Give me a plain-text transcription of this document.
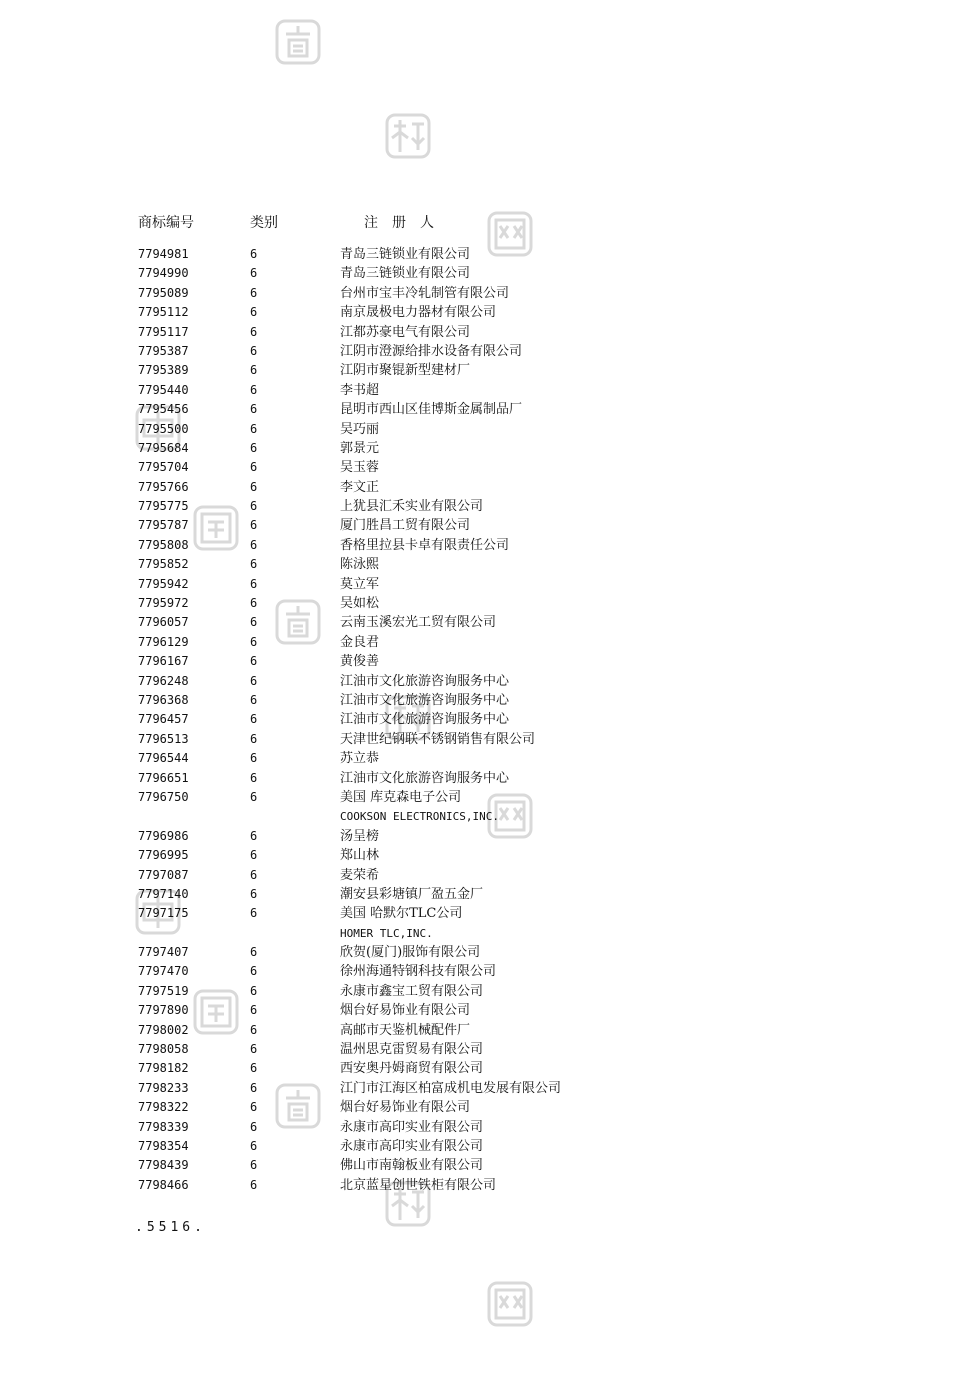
商标编号	类别	注册人
7794981	6	青岛三链锁业有限公司
7794990	6	青岛三链锁业有限公司
7795089	6	台州市宝丰冷轧制管有限公司
7795112	6	南京晟极电力器材有限公司
7795117	6	江都苏豪电气有限公司
7795387	6	江阴市澄源给排水设备有限公司
7795389	6	江阴市聚锟新型建材厂
7795440	6	李书超
7795456	6	昆明市西山区佳博斯金属制品厂
7795500	6	吴巧丽
7795684	6	郭景元
7795704	6	吴玉蓉
7795766	6	李文正
7795775	6	上犹县汇禾实业有限公司
7795787	6	厦门胜昌工贸有限公司
7795808	6	香格里拉县卡卓有限责任公司
7795852	6	陈泳熙
7795942	6	莫立军
7795972	6	吴如松
7796057	6	云南玉溪宏光工贸有限公司
7796129	6	金良君
7796167	6	黄俊善
7796248	6	江油市文化旅游咨询服务中心
7796368	6	江油市文化旅游咨询服务中心
7796457	6	江油市文化旅游咨询服务中心
7796513	6	天津世纪钢联不锈钢销售有限公司
7796544	6	苏立恭
7796651	6	江油市文化旅游咨询服务中心
7796750	6	美国 库克森电子公司
COOKSON ELECTRONICS,INC.
7796986	6	汤呈榜
7796995	6	郑山林
7797087	6	麦荣希
7797140	6	潮安县彩塘镇厂盈五金厂
7797175	6	美国 哈默尔TLC公司
HOMER TLC,INC.
7797407	6	欣贺(厦门)服饰有限公司
7797470	6	徐州海通特钢科技有限公司
7797519	6	永康市鑫宝工贸有限公司
7797890	6	烟台好易饰业有限公司
7798002	6	高邮市天鉴机械配件厂
7798058	6	温州思克雷贸易有限公司
7798182	6	西安奥丹姆商贸有限公司
7798233	6	江门市江海区柏富成机电发展有限公司
7798322	6	烟台好易饰业有限公司
7798339	6	永康市高印实业有限公司
7798354	6	永康市高印实业有限公司
7798439	6	佛山市南翰板业有限公司
7798466	6	北京蓝星创世铁柜有限公司
.5516.
